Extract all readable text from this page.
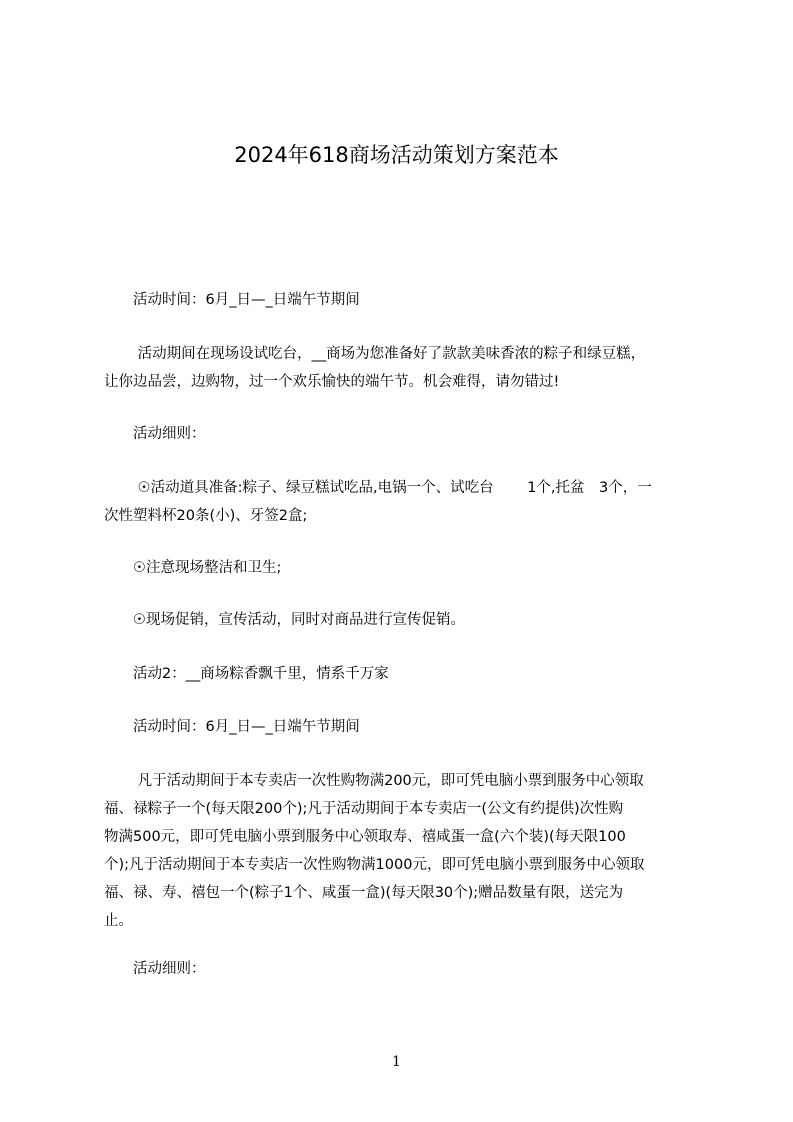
2024年618商场活动策划方案范本
　　活动时间：6月_日—_日端午节期间
　　 活动期间在现场设试吃台，__商场为您准备好了款款美味香浓的粽子和绿豆糕，
让你边品尝，边购物，过一个欢乐愉快的端午节。机会难得，请勿错过!
　　活动细则：
　　 ☉活动道具准备:粽子、绿豆糕试吃品,电锅一个、试吃台　　 1个,托盆　3个，一
次性塑料杯20条(小)、牙签2盒;
　　☉注意现场整洁和卫生;
　　☉现场促销，宣传活动，同时对商品进行宣传促销。
　　活动2：__商场粽香飘千里，情系千万家
　　活动时间：6月_日—_日端午节期间
　　 凡于活动期间于本专卖店一次性购物满200元，即可凭电脑小票到服务中心领取
福、禄粽子一个(每天限200个);凡于活动期间于本专卖店一(公文有约提供)次性购
物满500元，即可凭电脑小票到服务中心领取寿、禧咸蛋一盒(六个装)(每天限100
个);凡于活动期间于本专卖店一次性购物满1000元，即可凭电脑小票到服务中心领取
福、禄、寿、禧包一个(粽子1个、咸蛋一盒)(每天限30个);赠品数量有限，送完为
止。
　　活动细则：
1
